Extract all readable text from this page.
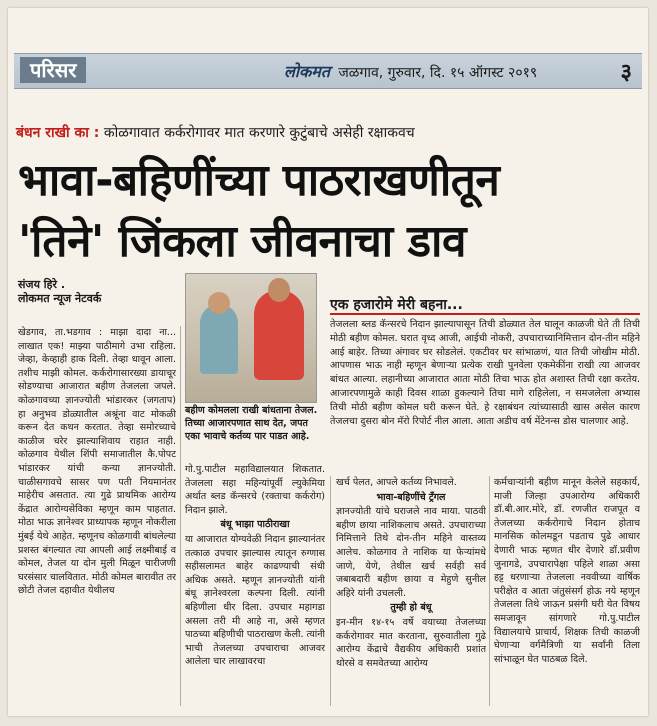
परिसर	लोकमत जळगाव, गुरुवार, दि. १५ ऑगस्ट २०१९	३
बंधन राखी का : कोळगावात कर्करोगावर मात करणारे कुटुंबाचे असेही रक्षाकवच
भावा-बहिणींच्या पाठराखणीतून
'तिने' जिंकला जीवनाचा डाव
संजय हिरे .
लोकमत न्यूज नेटवर्क
बहीण कोमलला राखी बांधताना तेजल. तिच्या आजारपणात साथ देत, जपत एका भावाचे कर्तव्य पार पाडत आहे.
एक हजारोमे मेरी बहना...
तेजलला ब्लड कॅन्सरचे निदान झाल्यापासून तिची डोळ्यात तेल घालून काळजी घेते ती तिची मोठी बहीण कोमल. घरात वृध्द आजी, आईची नोकरी, उपचाराच्यानिमित्तान दोन-तीन महिने आई बाहेर. तिच्या अंगावर घर सोडलेलं. एकटीवर घर सांभाळणं, यात तिची जोखीम मोठी. आपणास भाऊ नाही म्हणून बेणाऱ्या प्रत्येक राखी पुनवेला एकमेकींना राखी त्या आजवर बांधत आल्या. लहानीच्या आजारात आता मोठी तिचा भाऊ होत अशास्त तिची रक्षा करतेय. आजारपणामुळे काही दिवस शाळा हुकल्याने तिचा मागे राहिलेला, न समजलेला अभ्यास तिची मोठी बहीण कोमल घरी करून घेते. हे रक्षाबंधन त्यांच्यासाठी खास असेल कारण तेजलचा दुसरा बोन मॅरो रिपोर्ट नील आला. आता अडीच वर्ष मेंटेनन्स डोस चालणार आहे.
खेडगाव, ता.भडगाव : माझा दादा ना... लाखात एक! माझ्या पाठीमागे उभा राहिला. जेव्हा, केव्हाही हाक दिली. तेव्हा धावून आला. तशीच माझी कोमल. कर्करोगासारख्या डायाचूर सोडण्याचा आजारात बहीण तेजलला जपले. कोळगावच्या ज्ञानज्योती भांडारकर (जगताप) हा अनुभव डोळ्यातील अश्रूंना वाट मोकळी करून देत कथन करतात. तेव्हा समोरच्याचे काळीज चरेर झाल्याशिवाय राहात नाही. कोळगाव येथील शिंपी समाजातील कै.पोपट भांडारकर यांची कन्या ज्ञानज्योती. चाळीसगावचे सासर पण पती नियमानंतर माहेरीच असतात. त्या गुढे प्राथमिक आरोग्य केंद्रात आरोग्यसेविका म्हणून काम पाहतात. मोठा भाऊ ज्ञानेश्वर प्राध्यापक म्हणून नोकरीला मुंबई येथे आहेत. म्हणूनच कोळगावी बांधलेल्या प्रशस्त बंगल्यात त्या आपली आई लक्ष्मीबाई व कोमल, तेजल या दोन मुली मिळून चारीजणी घरसंसार चालवितात. मोठी कोमल बारावीत तर छोटी तेजल दहावीत येथीलच
गो.पु.पाटील महाविद्यालयात शिकतात. तेजलला सहा महिन्यांपूर्वी ल्युकेमिया अर्थात ब्लड कॅन्सरचे (रक्ताचा कर्करोग) निदान झाले.
बंधू भाझा पाठीराखा
या आजारात योग्यवेळी निदान झाल्यानंतर तत्काळ उपचार झाल्यास त्यातून रुग्णास सहीसलामत बाहेर काढण्याची संधी अधिक असते. म्हणून ज्ञानज्योती यांनी बंधू ज्ञानेश्वरला कल्पना दिली. त्यांनी बहिणीला धीर दिला. उपचार महागडा असला तरी मी आहे ना, असे म्हणत पाठच्या बहिणीची पाठराखण केली. त्यांनी भाची तेजलच्या उपचाराचा आजवर आलेला चार लाखावरचा
खर्च पेलत, आपले कर्तव्य निभावले.
भावा-बहिणींचे ट्रँगल
ज्ञानज्योती यांचे घराजले नाव माया. पाठवी बहीण छाया नाशिकलाच असते. उपचाराच्या निमित्ताने तिथे दोन-तीन महिने वास्तव्य आलेच. कोळगाव ते नाशिक या फेऱ्यांमधे जाणे, येणे, तेथील खर्च सर्वही सर्व जबाबदारी बहीण छाया व मेहुणे सुनील अहिरे यांनी उचलली.
तुम्ही हो बंधू
इन-मीन १४-१५ वर्षे वयाच्या तेजलच्या कर्करोगावर मात करताना, सुरुवातीला गुढे आरोग्य केंद्राचे वैद्यकीय अधिकारी प्रशांत थोरसे व समवेतच्या आरोग्य
कर्मचाऱ्यांनी बहीण मानून केलेले सहकार्य, माजी जिल्हा उपआरोग्य अधिकारी डॉ.बी.आर.मोरे, डॉ. रणजीत राजपूत व तेजलच्या कर्करोगाचे निदान होताच मानसिक कोलमडून पडताच पुढे आधार देणारी भाऊ म्हणत धीर देणारे डॉ.प्रवीण जुनागडे, उपचारापेक्षा पहिले शाळा असा हट्ट धरणाऱ्या तेजलला नववीच्या वार्षिक परीक्षेत व आता जंतुसंसर्ग होऊ नये म्हणून तेजलला तिथे जाऊन प्रसंगी घरी येत विषय समजावून सांगणारे गो.पु.पाटील विद्यालयाचे प्राचार्य, शिक्षक तिची काळजी घेणाऱ्या वर्गमैत्रिणी या सर्वांनी तिला सांभाळून घेत पाठबळ दिले.
